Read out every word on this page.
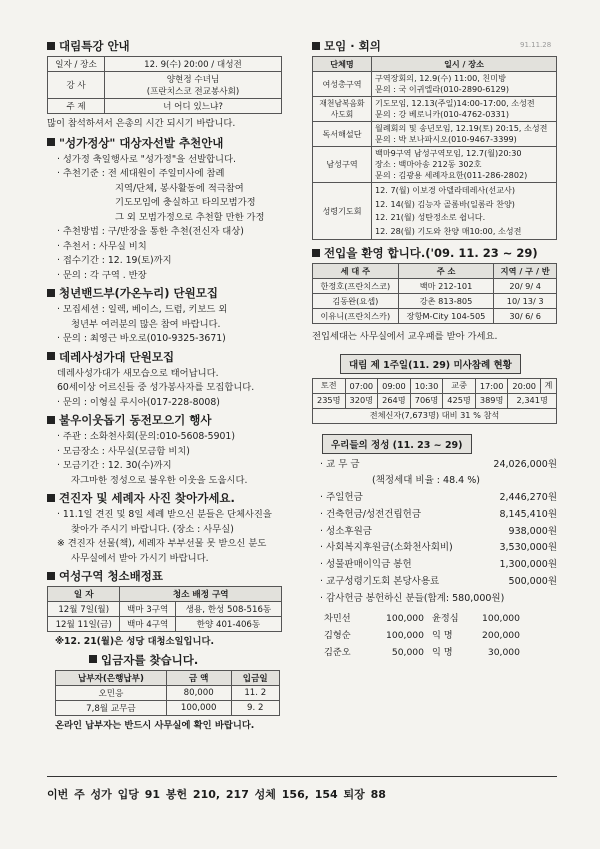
91.11.28
대림특강 안내
일자 / 장소	12. 9(수) 20:00 / 대성전
강 사	양현정 수녀님
(프란치스코 전교봉사회)

주 제	너 어디 있느냐?
많이 참석하셔서 은총의 시간 되시기 바랍니다.
"성가정상" 대상자선발 추천안내
· 성가정 축일행사로 "성가정"을 선발합니다.
· 추천기준 : 전 세대원이 주일미사에 참례
지역/단체, 봉사활동에 적극참여
기도모임에 충실하고 타의모범가정
그 외 모범가정으로 추천할 만한 가정
· 추천방법 : 구/반장을 통한 추천(전신자 대상)
· 추천서 : 사무실 비치
· 접수기간 : 12. 19(토)까지
· 문의 : 각 구역 . 반장
청년밴드부(가온누리) 단원모집
· 모집세션 : 일렉, 베이스, 드럼, 키보드 외
청년부 여러분의 많은 참여 바랍니다.
· 문의 : 최영근 바오로(010-9325-3671)
데레사성가대 단원모집
데레사성가대가 새모습으로 태어납니다.
60세이상 어르신들 중 성가봉사자를 모집합니다.
· 문의 : 이형실 루시아(017-228-8008)
불우이웃돕기 동전모으기 행사
· 주관 : 소화천사회(문의:010-5608-5901)
· 모금장소 : 사무실(모금함 비치)
· 모금기간 : 12. 30(수)까지
자그마한 정성으로 불우한 이웃을 도웁시다.
견진자 및 세례자 사진 찾아가세요.
· 11.1일 견진 및 8일 세례 받으신 분들은 단체사진을
찾아가 주시기 바랍니다. (장소 : 사무실)
※ 견진자 선물(책), 세례자 부부선물 못 받으신 분도
사무실에서 받아 가시기 바랍니다.
여성구역 청소배정표
일 자	청소 배정 구역	
12월 7일(월)	백마 3구역	생용, 한성 508-516동
12월 11일(금)	백마 4구역	한양 401-406동
※12. 21(월)은 성당 대청소일입니다.
입금자를 찾습니다.
납부자(은행납부)	금 액	입금일
오민응	80,000	11. 2
7,8월 교무금	100,000	9. 2
온라인 납부자는 반드시 사무실에 확인 바랍니다.
모임 · 회의
단체명	일시 / 장소
여성총구역	구역장회의, 12.9(수) 11:00, 친미방
문의 : 국 이귀엘라(010-2890-6129)

재천남복음화사도회	기도모임, 12.13(주일)14:00-17:00, 소성전
문의 : 강 베로니카(010-4762-0331)

독서해설단	월례회의 및 송년모임, 12.19(토) 20:15, 소성전
문의 : 박 보나파시오(010-9467-3399)

남성구역	백마9구역 남성구역모임, 12.7(월)20:30
장소 : 백마아송 212동 302호
문의 : 김광용 세례자요한(011-286-2802)

성령기도회	12. 7(월) 이보경 아델라데레사(선교사)
12. 14(월) 김능자 골롬바(일롬라 찬양)
12. 21(월) 성탄정소로 쉽니다.
12. 28(월) 기도와 찬양 매10:00, 소성전
전입을 환영 합니다.('09. 11. 23 ~ 29)
세 대 주	주 소	지역 / 구 / 반
한정호(프란치스코)	백마 212-101	20/ 9/ 4
김동완(요셉)	강촌 813-805	10/ 13/ 3
이유니(프란치스카)	장항M-City 104-505	30/ 6/ 6
전입세대는 사무실에서 교우패를 받아 가세요.
대림 제 1주일(11. 29) 미사참례 현황
토전	07:00	09:00	10:30	교중	17:00	20:00	계
235명	320명	264명	706명	425명	389명	2,341명	
전체신자(7,673명) 대비 31 % 참석							
우리들의 정성 (11. 23 ~ 29)
· 교 무 금	24,026,000원
(책정세대 비율 : 48.4 %)
· 주일헌금	2,446,270원
· 건축헌금/성전건립헌금	8,145,410원
· 성소후원금	938,000원
· 사회복지후원금(소화천사회비)	3,530,000원
· 성물판매이익금 봉헌	1,300,000원
· 교구성령기도회 본당사용료	500,000원
· 감사헌금 봉헌하신 분들(합계: 580,000원)
차민선	100,000 윤정심	100,000
김형순	100,000 익 명	200,000
김준오	50,000 익 명	30,000
이번 주 성가 입당 91 봉헌 210, 217 성체 156, 154 퇴장 88
